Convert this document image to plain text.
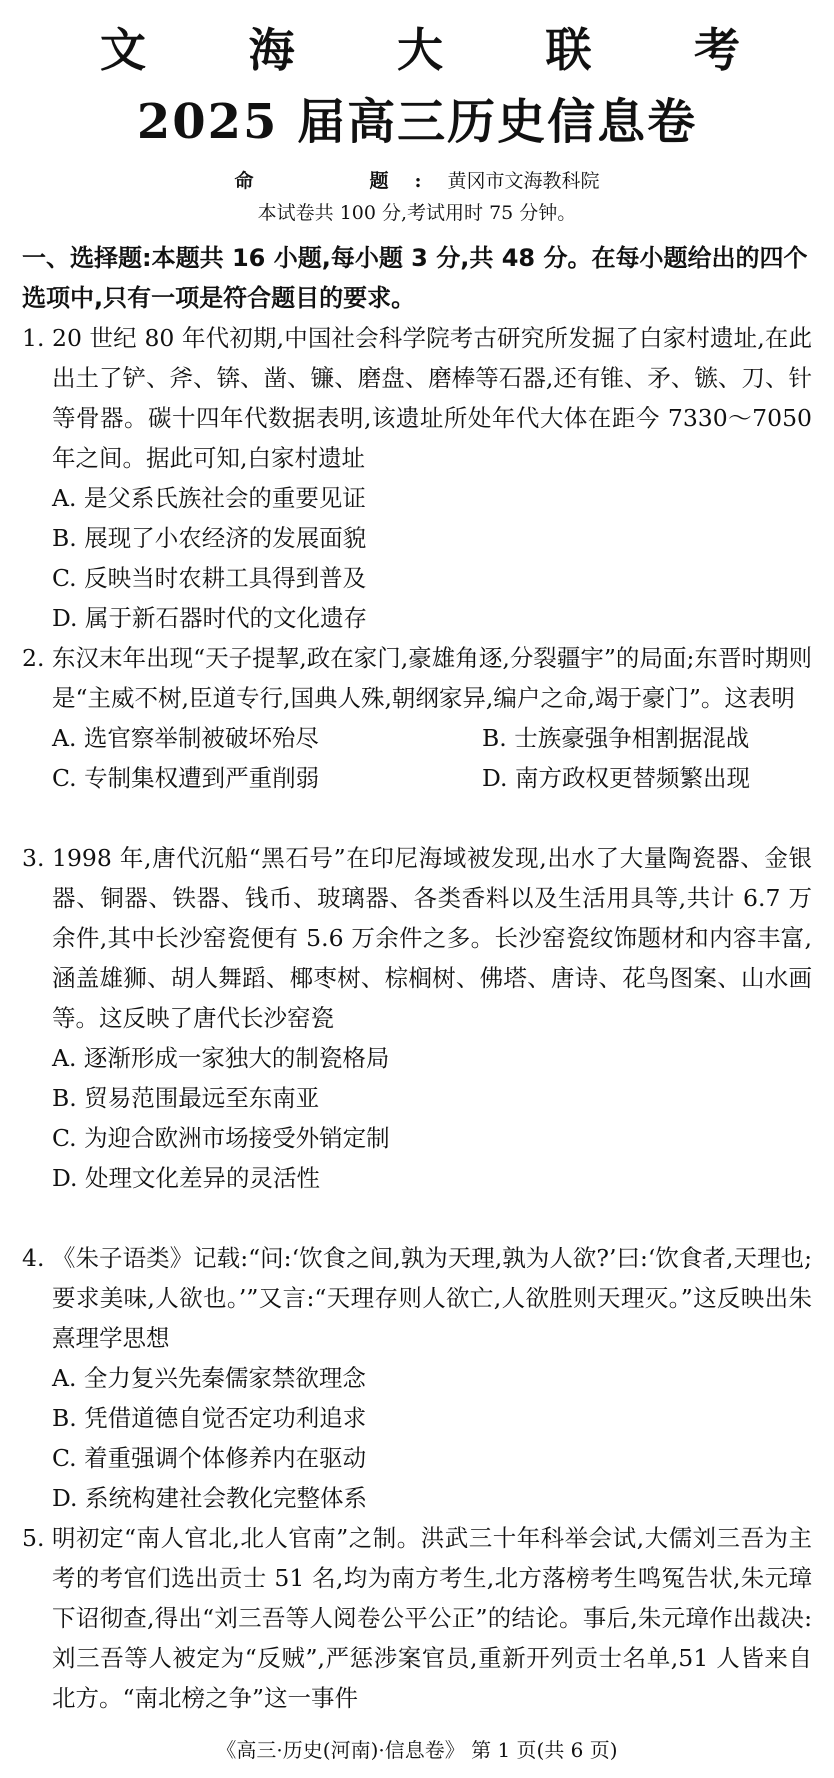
文 海 大 联 考
2025 届高三历史信息卷
命　　题:黄冈市文海教科院
本试卷共 100 分,考试用时 75 分钟。
一、选择题:本题共 16 小题,每小题 3 分,共 48 分。在每小题给出的四个选项中,只有一项是符合题目的要求。
1. 20 世纪 80 年代初期,中国社会科学院考古研究所发掘了白家村遗址,在此出土了铲、斧、锛、凿、镰、磨盘、磨棒等石器,还有锥、矛、镞、刀、针等骨器。碳十四年代数据表明,该遗址所处年代大体在距今 7330～7050 年之间。据此可知,白家村遗址
A. 是父系氏族社会的重要见证
B. 展现了小农经济的发展面貌
C. 反映当时农耕工具得到普及
D. 属于新石器时代的文化遗存
2. 东汉末年出现“天子提挈,政在家门,豪雄角逐,分裂疆宇”的局面;东晋时期则是“主威不树,臣道专行,国典人殊,朝纲家异,编户之命,竭于豪门”。这表明
A. 选官察举制被破坏殆尽	B. 士族豪强争相割据混战
C. 专制集权遭到严重削弱	D. 南方政权更替频繁出现
3. 1998 年,唐代沉船“黑石号”在印尼海域被发现,出水了大量陶瓷器、金银器、铜器、铁器、钱币、玻璃器、各类香料以及生活用具等,共计 6.7 万余件,其中长沙窑瓷便有 5.6 万余件之多。长沙窑瓷纹饰题材和内容丰富,涵盖雄狮、胡人舞蹈、椰枣树、棕榈树、佛塔、唐诗、花鸟图案、山水画等。这反映了唐代长沙窑瓷
A. 逐渐形成一家独大的制瓷格局
B. 贸易范围最远至东南亚
C. 为迎合欧洲市场接受外销定制
D. 处理文化差异的灵活性
4. 《朱子语类》记载:“问:‘饮食之间,孰为天理,孰为人欲?’曰:‘饮食者,天理也;要求美味,人欲也。’”又言:“天理存则人欲亡,人欲胜则天理灭。”这反映出朱熹理学思想
A. 全力复兴先秦儒家禁欲理念
B. 凭借道德自觉否定功利追求
C. 着重强调个体修养内在驱动
D. 系统构建社会教化完整体系
5. 明初定“南人官北,北人官南”之制。洪武三十年科举会试,大儒刘三吾为主考的考官们选出贡士 51 名,均为南方考生,北方落榜考生鸣冤告状,朱元璋下诏彻查,得出“刘三吾等人阅卷公平公正”的结论。事后,朱元璋作出裁决:刘三吾等人被定为“反贼”,严惩涉案官员,重新开列贡士名单,51 人皆来自北方。“南北榜之争”这一事件
《高三·历史(河南)·信息卷》 第 1 页(共 6 页)
